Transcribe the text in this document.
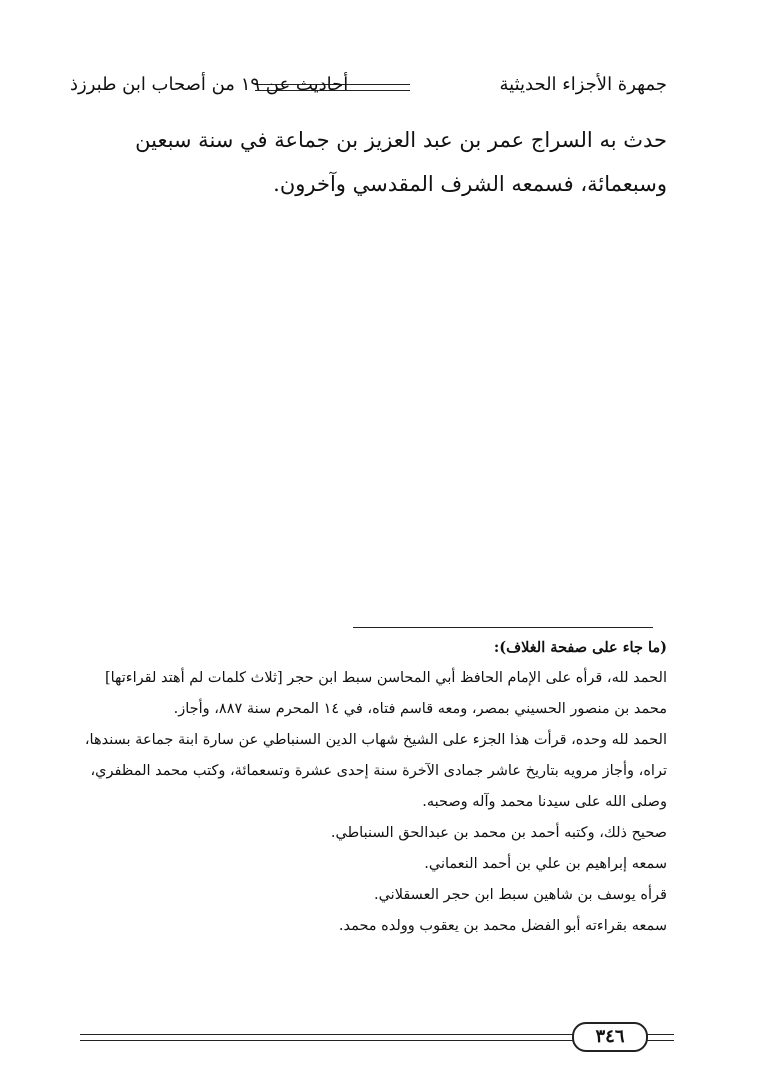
جمهرة الأجزاء الحديثية
أحاديث عن ١٩ من أصحاب ابن طبرزذ

حدث به السراج عمر بن عبد العزيز بن جماعة في سنة سبعين

وسبعمائة، فسمعه الشرف المقدسي وآخرون.

(ما جاء على صفحة الغلاف):

الحمد لله، قرأه على الإمام الحافظ أبي المحاسن سبط ابن حجر [ثلاث كلمات لم أهتد لقراءتها]

محمد بن منصور الحسيني بمصر، ومعه قاسم فتاه، في ١٤ المحرم سنة ٨٨٧، وأجاز.

الحمد لله وحده، قرأت هذا الجزء على الشيخ شهاب الدين السنباطي عن سارة ابنة جماعة بسندها،

تراه، وأجاز مرويه بتاريخ عاشر جمادى الآخرة سنة إحدى عشرة وتسعمائة، وكتب محمد المظفري،

وصلى الله على سيدنا محمد وآله وصحبه.

صحيح ذلك، وكتبه أحمد بن محمد بن عبدالحق السنباطي.

سمعه إبراهيم بن علي بن أحمد النعماني.

قرأه يوسف بن شاهين سبط ابن حجر العسقلاني.

سمعه بقراءته أبو الفضل محمد بن يعقوب وولده محمد.

٣٤٦
